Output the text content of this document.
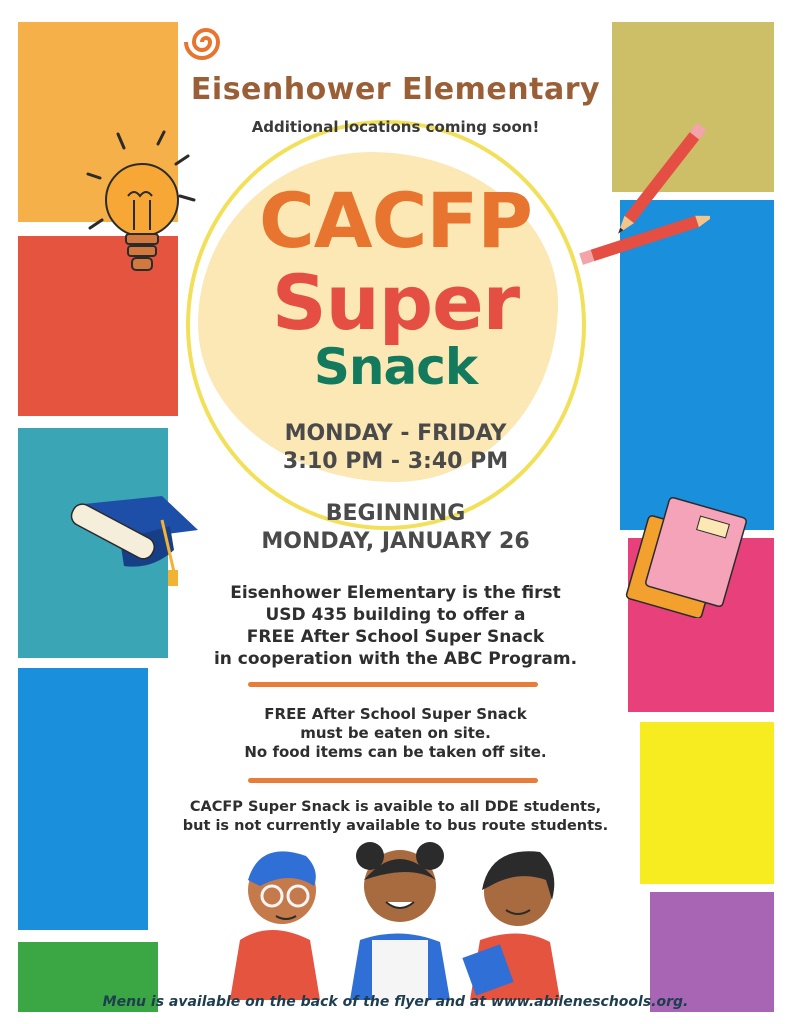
Eisenhower Elementary
Additional locations coming soon!
CACFP
Super
Snack
MONDAY - FRIDAY
3:10 PM - 3:40 PM
BEGINNING
MONDAY, JANUARY 26
Eisenhower Elementary is the first
USD 435 building to offer a
FREE After School Super Snack
in cooperation with the ABC Program.
FREE After School Super Snack
must be eaten on site.
No food items can be taken off site.
CACFP Super Snack is avaible to all DDE students,
but is not currently available to bus route students.
Menu is available on the back of the flyer and at www.abileneschools.org.
